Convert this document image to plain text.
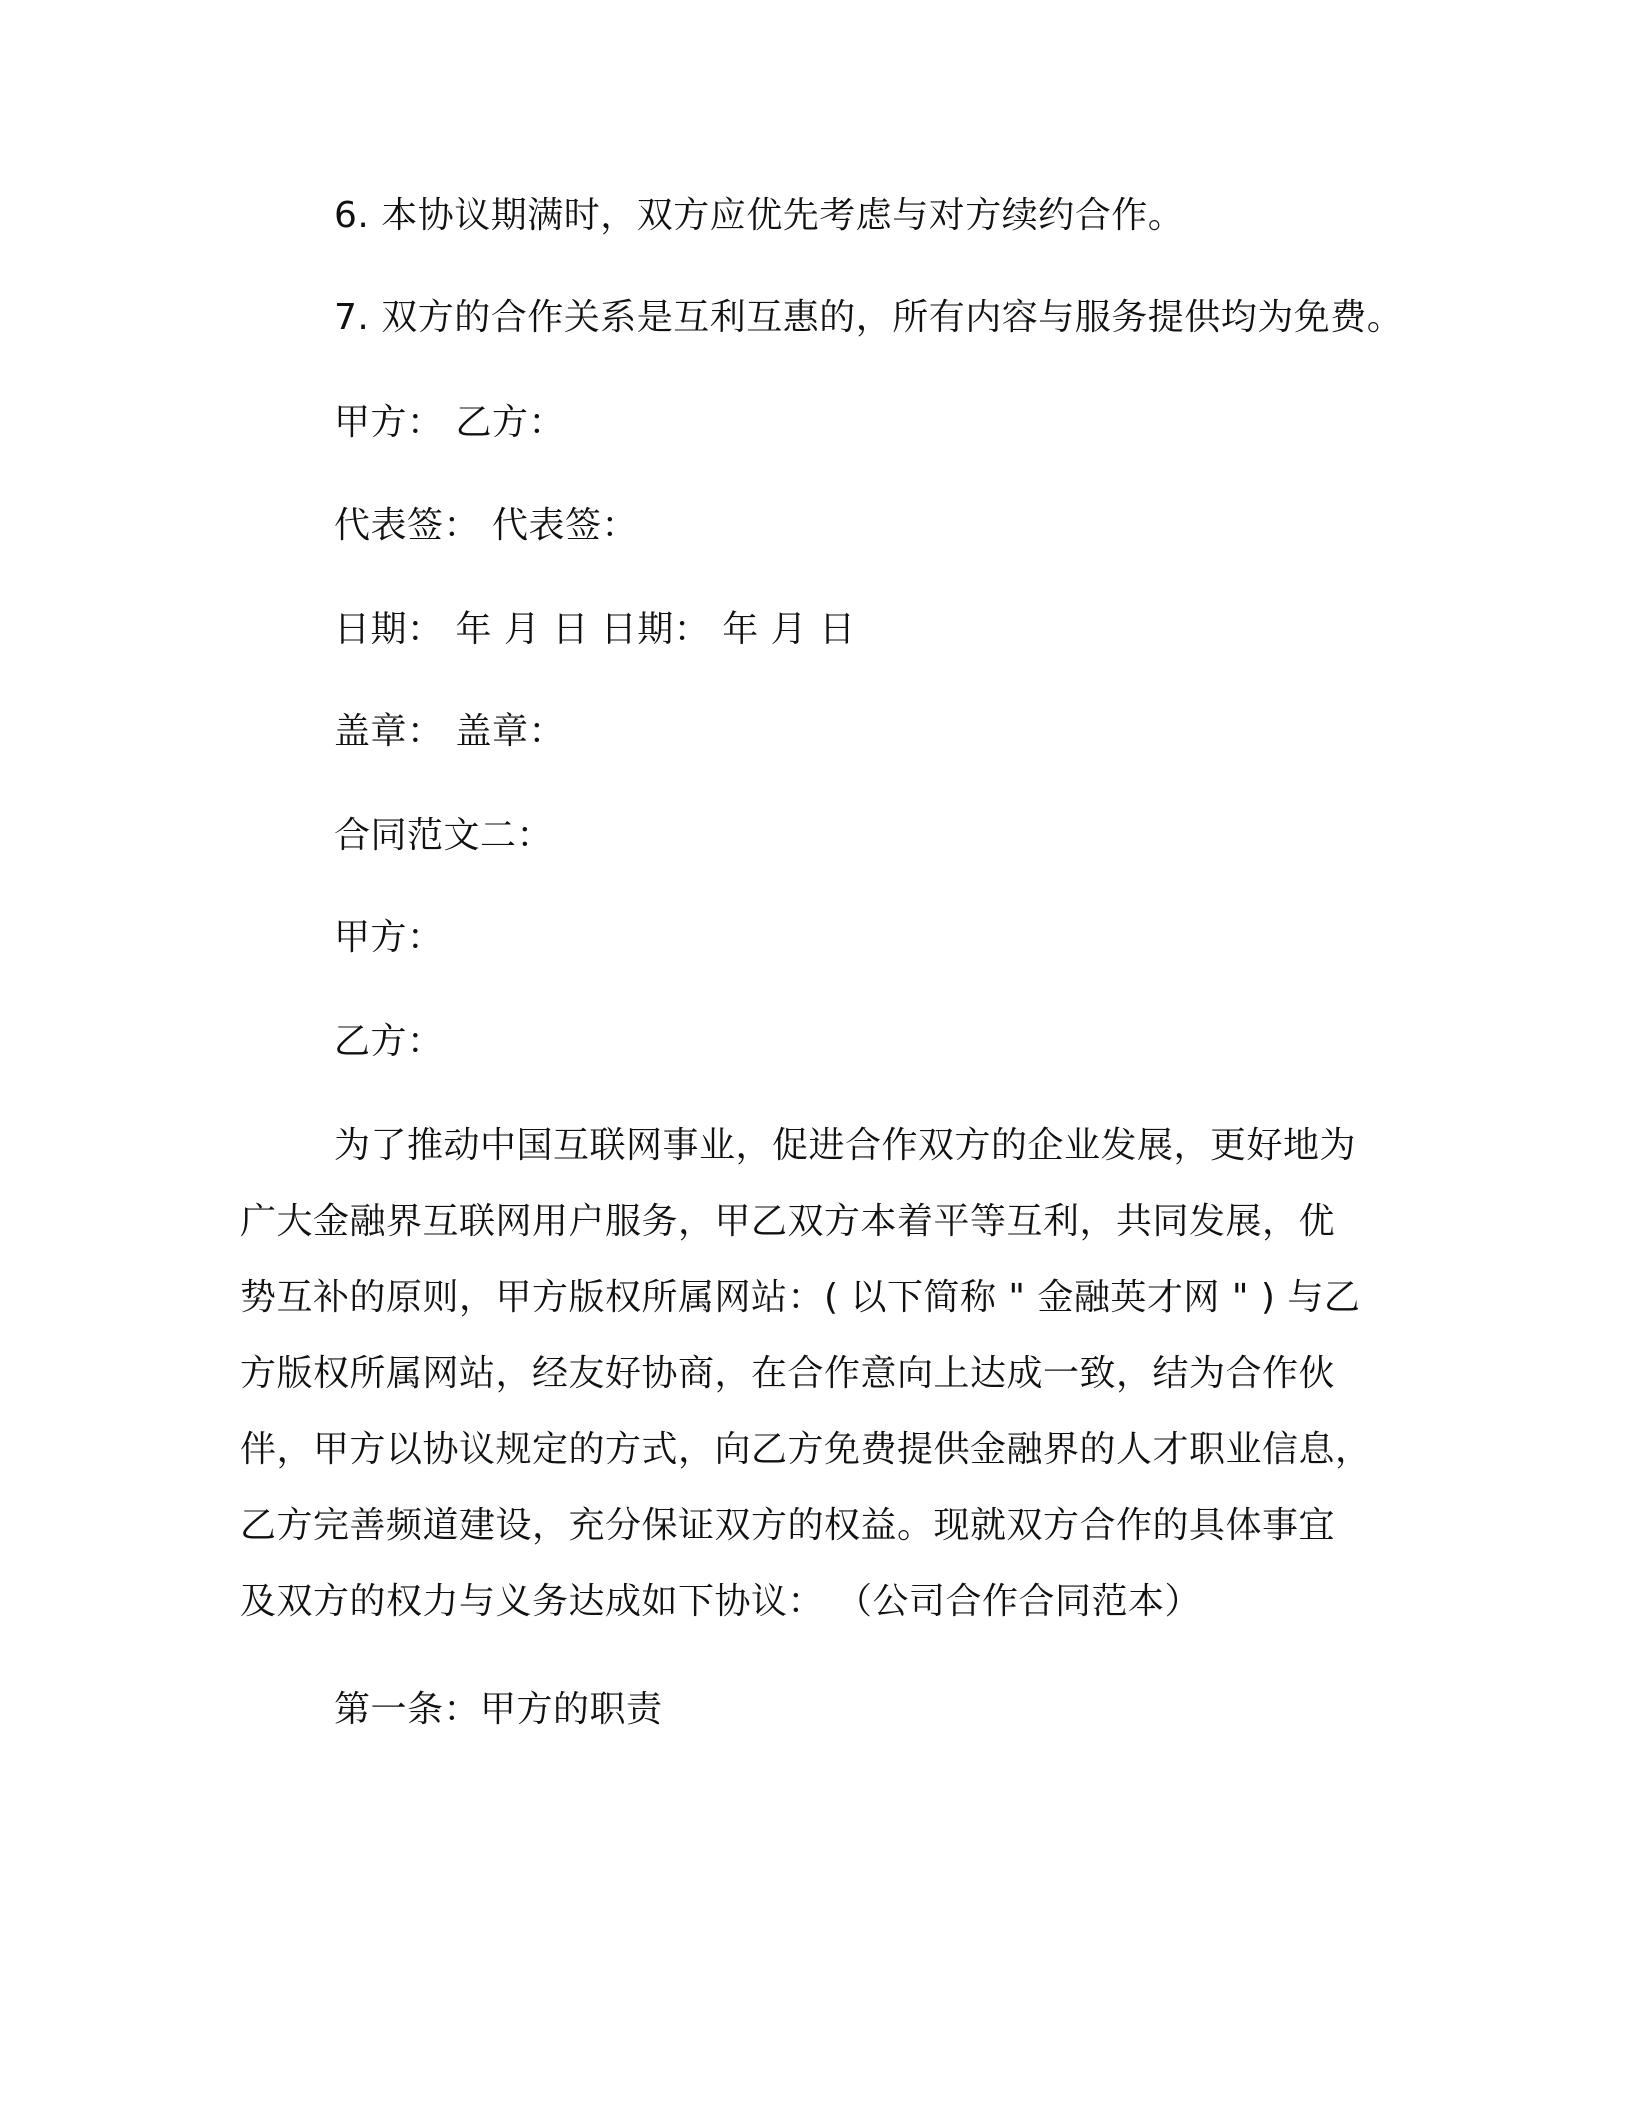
6. 本协议期满时，双方应优先考虑与对方续约合作。
7. 双方的合作关系是互利互惠的，所有内容与服务提供均为免费。
甲方： 乙方：
代表签： 代表签：
日期： 年 月 日 日期： 年 月 日
盖章： 盖章：
合同范文二：
甲方：
乙方：
为了推动中国互联网事业，促进合作双方的企业发展，更好地为
广大金融界互联网用户服务，甲乙双方本着平等互利，共同发展，优
势互补的原则，甲方版权所属网站：( 以下简称 " 金融英才网 " ) 与乙
方版权所属网站，经友好协商，在合作意向上达成一致，结为合作伙
伴，甲方以协议规定的方式，向乙方免费提供金融界的人才职业信息，
乙方完善频道建设，充分保证双方的权益。现就双方合作的具体事宜
及双方的权力与义务达成如下协议： （公司合作合同范本）
第一条：甲方的职责
